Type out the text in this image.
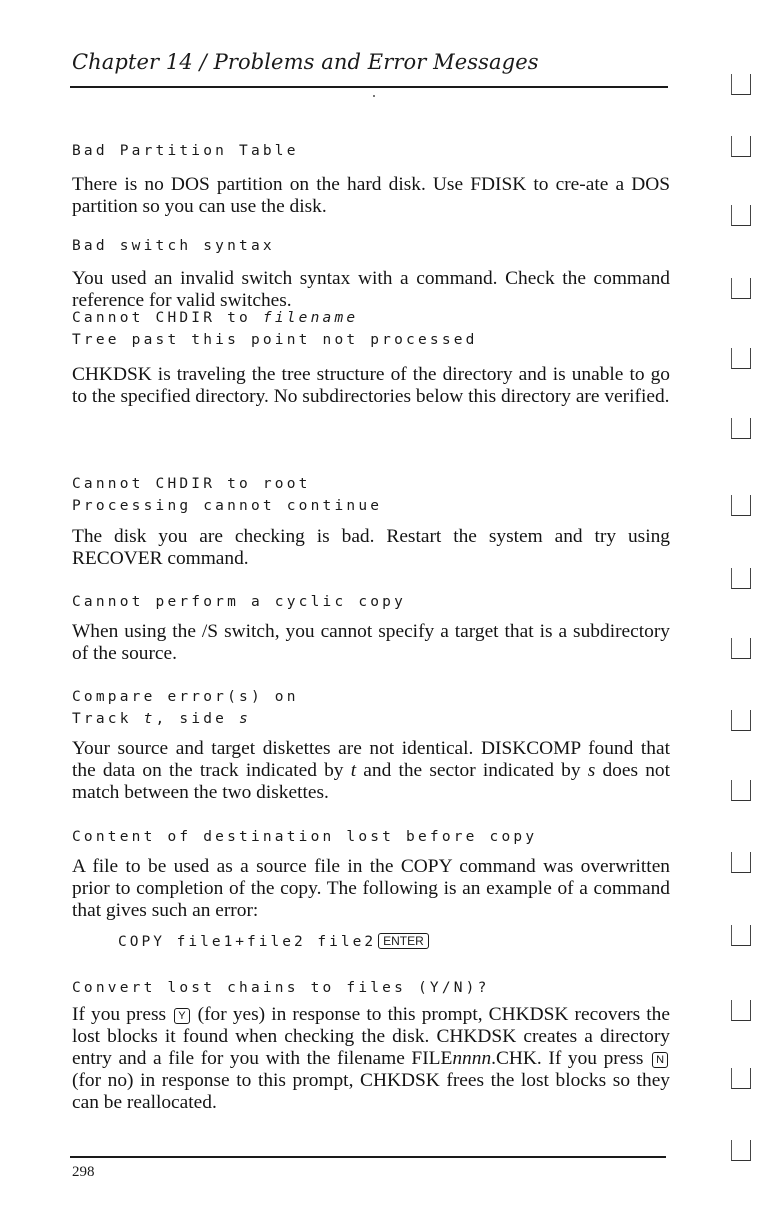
Chapter 14 / Problems and Error Messages
Bad Partition Table
There is no DOS partition on the hard disk. Use FDISK to cre-ate a DOS partition so you can use the disk.
Bad switch syntax
You used an invalid switch syntax with a command. Check the command reference for valid switches.
Cannot CHDIR to filename
Tree past this point not processed
CHKDSK is traveling the tree structure of the directory and is unable to go to the specified directory. No subdirectories below this directory are verified.
Cannot CHDIR to root
Processing cannot continue
The disk you are checking is bad. Restart the system and try using RECOVER command.
Cannot perform a cyclic copy
When using the /S switch, you cannot specify a target that is a subdirectory of the source.
Compare error(s) on
Track t, side s
Your source and target diskettes are not identical. DISKCOMP found that the data on the track indicated by t and the sector indicated by s does not match between the two diskettes.
Content of destination lost before copy
A file to be used as a source file in the COPY command was overwritten prior to completion of the copy. The following is an example of a command that gives such an error:
COPY file1+file2 file2 ENTER
Convert lost chains to files (Y/N)?
If you press Y (for yes) in response to this prompt, CHKDSK recovers the lost blocks it found when checking the disk. CHKDSK creates a directory entry and a file for you with the filename FILEnnnn.CHK. If you press N (for no) in response to this prompt, CHKDSK frees the lost blocks so they can be reallocated.
298
